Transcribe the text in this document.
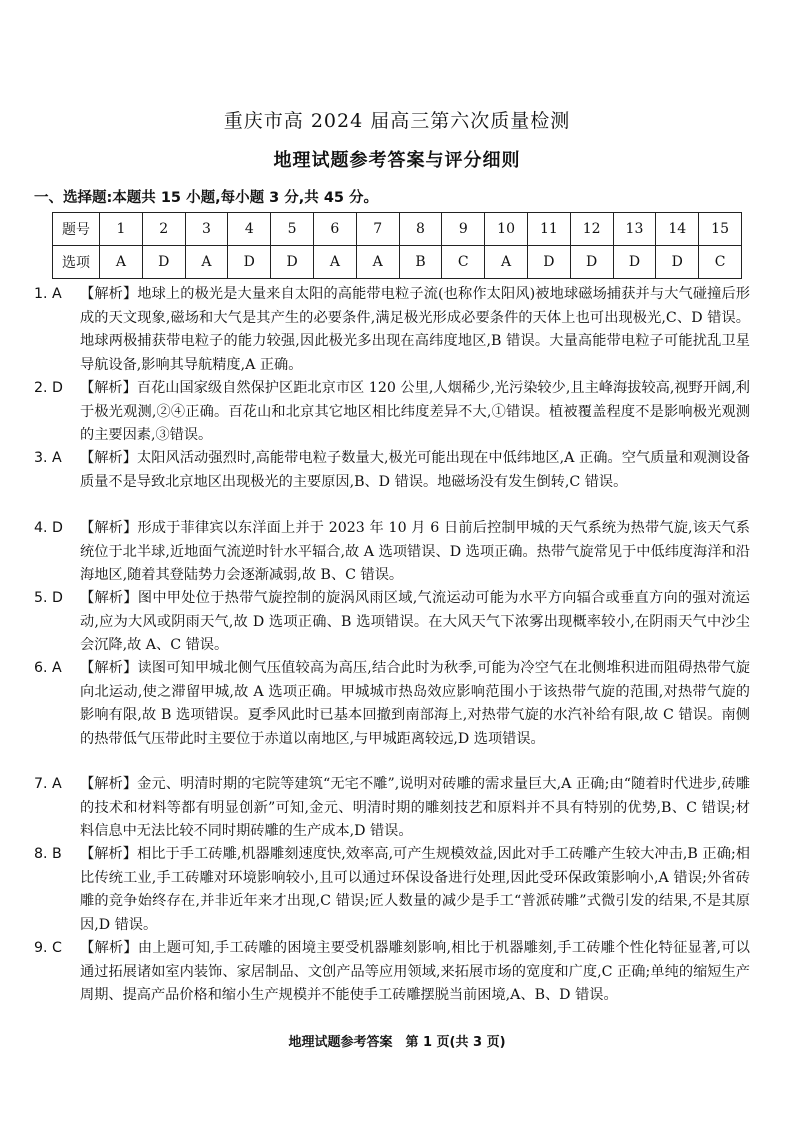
重庆市高 2024 届高三第六次质量检测
地理试题参考答案与评分细则
一、选择题:本题共 15 小题,每小题 3 分,共 45 分。
题号	1	2	3	4	5	6	7	8	9	10	11	12	13	14	15
选项	A	D	A	D	D	A	A	B	C	A	D	D	D	D	C
1. A	【解析】地球上的极光是大量来自太阳的高能带电粒子流(也称作太阳风)被地球磁场捕获并与大气碰撞后形成的天文现象,磁场和大气是其产生的必要条件,满足极光形成必要条件的天体上也可出现极光,C、D 错误。地球两极捕获带电粒子的能力较强,因此极光多出现在高纬度地区,B 错误。大量高能带电粒子可能扰乱卫星导航设备,影响其导航精度,A 正确。
2. D	【解析】百花山国家级自然保护区距北京市区 120 公里,人烟稀少,光污染较少,且主峰海拔较高,视野开阔,利于极光观测,②④正确。百花山和北京其它地区相比纬度差异不大,①错误。植被覆盖程度不是影响极光观测的主要因素,③错误。
3. A	【解析】太阳风活动强烈时,高能带电粒子数量大,极光可能出现在中低纬地区,A 正确。空气质量和观测设备质量不是导致北京地区出现极光的主要原因,B、D 错误。地磁场没有发生倒转,C 错误。
4. D	【解析】形成于菲律宾以东洋面上并于 2023 年 10 月 6 日前后控制甲城的天气系统为热带气旋,该天气系统位于北半球,近地面气流逆时针水平辐合,故 A 选项错误、D 选项正确。热带气旋常见于中低纬度海洋和沿海地区,随着其登陆势力会逐渐减弱,故 B、C 错误。
5. D	【解析】图中甲处位于热带气旋控制的旋涡风雨区域,气流运动可能为水平方向辐合或垂直方向的强对流运动,应为大风或阴雨天气,故 D 选项正确、B 选项错误。在大风天气下浓雾出现概率较小,在阴雨天气中沙尘会沉降,故 A、C 错误。
6. A	【解析】读图可知甲城北侧气压值较高为高压,结合此时为秋季,可能为冷空气在北侧堆积进而阻碍热带气旋向北运动,使之滞留甲城,故 A 选项正确。甲城城市热岛效应影响范围小于该热带气旋的范围,对热带气旋的影响有限,故 B 选项错误。夏季风此时已基本回撤到南部海上,对热带气旋的水汽补给有限,故 C 错误。南侧的热带低气压带此时主要位于赤道以南地区,与甲城距离较远,D 选项错误。
7. A	【解析】金元、明清时期的宅院等建筑“无宅不雕”,说明对砖雕的需求量巨大,A 正确;由“随着时代进步,砖雕的技术和材料等都有明显创新”可知,金元、明清时期的雕刻技艺和原料并不具有特别的优势,B、C 错误;材料信息中无法比较不同时期砖雕的生产成本,D 错误。
8. B	【解析】相比于手工砖雕,机器雕刻速度快,效率高,可产生规模效益,因此对手工砖雕产生较大冲击,B 正确;相比传统工业,手工砖雕对环境影响较小,且可以通过环保设备进行处理,因此受环保政策影响小,A 错误;外省砖雕的竞争始终存在,并非近年来才出现,C 错误;匠人数量的减少是手工“普派砖雕”式微引发的结果,不是其原因,D 错误。
9. C	【解析】由上题可知,手工砖雕的困境主要受机器雕刻影响,相比于机器雕刻,手工砖雕个性化特征显著,可以通过拓展诸如室内装饰、家居制品、文创产品等应用领域,来拓展市场的宽度和广度,C 正确;单纯的缩短生产周期、提高产品价格和缩小生产规模并不能使手工砖雕摆脱当前困境,A、B、D 错误。
地理试题参考答案　第 1 页(共 3 页)
